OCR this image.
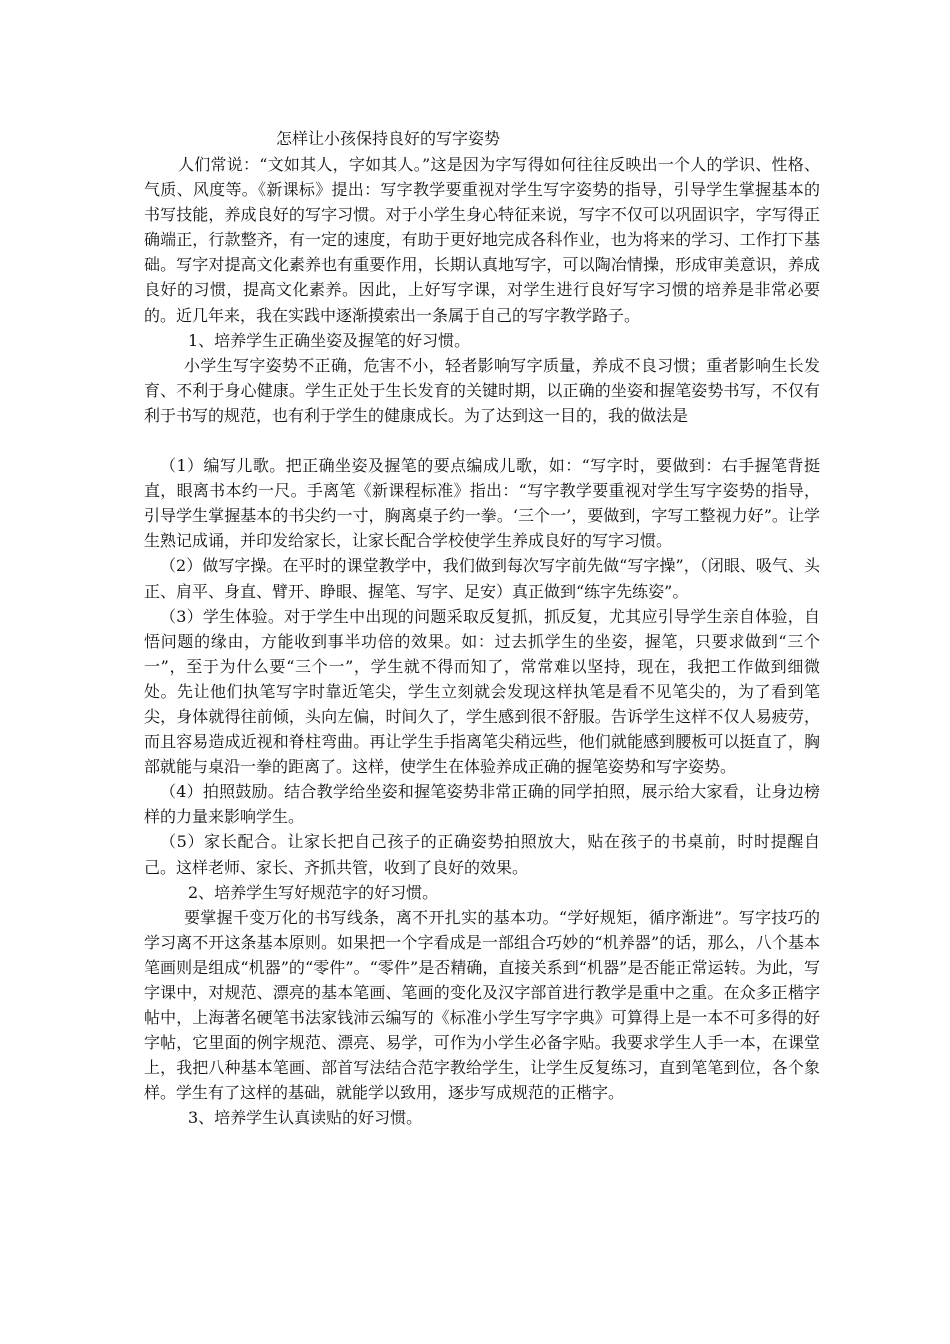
怎样让小孩保持良好的写字姿势

人们常说：“文如其人，字如其人。”这是因为字写得如何往往反映出一个人的学识、性格、气质、风度等。《新课标》提出：写字教学要重视对学生写字姿势的指导，引导学生掌握基本的书写技能，养成良好的写字习惯。对于小学生身心特征来说，写字不仅可以巩固识字，字写得正确端正，行款整齐，有一定的速度，有助于更好地完成各科作业，也为将来的学习、工作打下基础。写字对提高文化素养也有重要作用，长期认真地写字，可以陶冶情操，形成审美意识，养成良好的习惯，提高文化素养。因此，上好写字课，对学生进行良好写字习惯的培养是非常必要的。近几年来，我在实践中逐渐摸索出一条属于自己的写字教学路子。

1、培养学生正确坐姿及握笔的好习惯。

小学生写字姿势不正确，危害不小，轻者影响写字质量，养成不良习惯；重者影响生长发育、不利于身心健康。学生正处于生长发育的关键时期，以正确的坐姿和握笔姿势书写，不仅有利于书写的规范，也有利于学生的健康成长。为了达到这一目的，我的做法是

（1）编写儿歌。把正确坐姿及握笔的要点编成儿歌，如：“写字时，要做到：右手握笔背挺直，眼离书本约一尺。手离笔《新课程标准》指出：“写字教学要重视对学生写字姿势的指导，引导学生掌握基本的书尖约一寸，胸离桌子约一拳。‘三个一’，要做到，字写工整视力好”。让学生熟记成诵，并印发给家长，让家长配合学校使学生养成良好的写字习惯。

（2）做写字操。在平时的课堂教学中，我们做到每次写字前先做“写字操”，（闭眼、吸气、头正、肩平、身直、臂开、睁眼、握笔、写字、足安）真正做到“练字先练姿”。

（3）学生体验。对于学生中出现的问题采取反复抓，抓反复，尤其应引导学生亲自体验，自悟问题的缘由，方能收到事半功倍的效果。如：过去抓学生的坐姿，握笔，只要求做到“三个一”，至于为什么要“三个一”，学生就不得而知了，常常难以坚持，现在，我把工作做到细微处。先让他们执笔写字时靠近笔尖，学生立刻就会发现这样执笔是看不见笔尖的，为了看到笔尖，身体就得往前倾，头向左偏，时间久了，学生感到很不舒服。告诉学生这样不仅人易疲劳，而且容易造成近视和脊柱弯曲。再让学生手指离笔尖稍远些，他们就能感到腰板可以挺直了，胸部就能与桌沿一拳的距离了。这样，使学生在体验养成正确的握笔姿势和写字姿势。

（4）拍照鼓励。结合教学给坐姿和握笔姿势非常正确的同学拍照，展示给大家看，让身边榜样的力量来影响学生。

（5）家长配合。让家长把自己孩子的正确姿势拍照放大，贴在孩子的书桌前，时时提醒自己。这样老师、家长、齐抓共管，收到了良好的效果。

2、培养学生写好规范字的好习惯。

要掌握千变万化的书写线条，离不开扎实的基本功。“学好规矩，循序渐进”。写字技巧的学习离不开这条基本原则。如果把一个字看成是一部组合巧妙的“机养器”的话，那么，八个基本笔画则是组成“机器”的“零件”。“零件”是否精确，直接关系到“机器”是否能正常运转。为此，写字课中，对规范、漂亮的基本笔画、笔画的变化及汉字部首进行教学是重中之重。在众多正楷字帖中，上海著名硬笔书法家钱沛云编写的《标准小学生写字字典》可算得上是一本不可多得的好字帖，它里面的例字规范、漂亮、易学，可作为小学生必备字贴。我要求学生人手一本，在课堂上，我把八种基本笔画、部首写法结合范字教给学生，让学生反复练习，直到笔笔到位，各个象样。学生有了这样的基础，就能学以致用，逐步写成规范的正楷字。

3、培养学生认真读贴的好习惯。
